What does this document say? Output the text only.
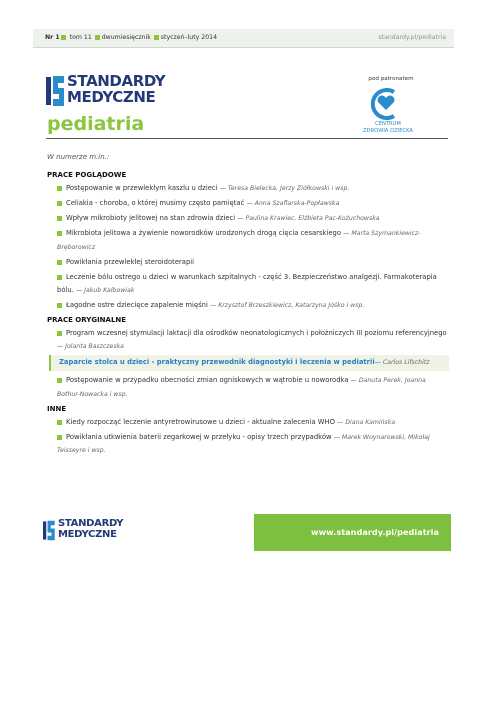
Nr 1 tom 11 dwumiesięcznik styczeń–luty 2014	standardy.pl/pediatria
STANDARDY
MEDYCZNE
pediatria
pod patronatem
CENTRUM
ZDROWIA DZIECKA
W numerze m.in.:
PRACE POGLĄDOWE
Postępowanie w przewlekłym kaszlu u dzieci — Teresa Bielecka, Jerzy Ziółkowski i wsp.
Celiakia - choroba, o której musimy często pamiętać — Anna Szaflarska-Popławska
Wpływ mikrobioty jelitowej na stan zdrowia dzieci — Paulina Krawiec, Elżbieta Pac-Kożuchowska
Mikrobiota jelitowa a żywienie noworodków urodzonych drogą cięcia cesarskiego — Marta Szymankiewicz-Bręborowicz
Powikłania przewlekłej steroidoterapii
Leczenie bólu ostrego u dzieci w warunkach szpitalnych - część 3. Bezpieczeństwo analgezji. Farmakoterapia bólu. — Jakub Kalbowiak
Łagodne ostre dziecięce zapalenie mięśni — Krzysztof Brzeszkiewicz, Katarzyna Jóśko i wsp.
PRACE ORYGINALNE
Program wczesnej stymulacji laktacji dla ośrodków neonatologicznych i położniczych III poziomu referencyjnego — Jolanta Baszczeska
Zaparcie stolca u dzieci - praktyczny przewodnik diagnostyki i leczenia w pediatrii— Carlos Lifschitz
Postępowanie w przypadku obecności zmian ogniskowych w wątrobie u noworodka — Danuta Perek, Joanna Bothur-Nowacka i wsp.
INNE
Kiedy rozpocząć leczenie antyretrowirusowe u dzieci - aktualne zalecenia WHO — Diana Kamińska
Powikłania utkwienia baterii zegarkowej w przełyku - opisy trzech przypadków — Marek Woynarowski, Mikołaj Teisseyre i wsp.
STANDARDY
MEDYCZNE	www.standardy.pl/pediatria
